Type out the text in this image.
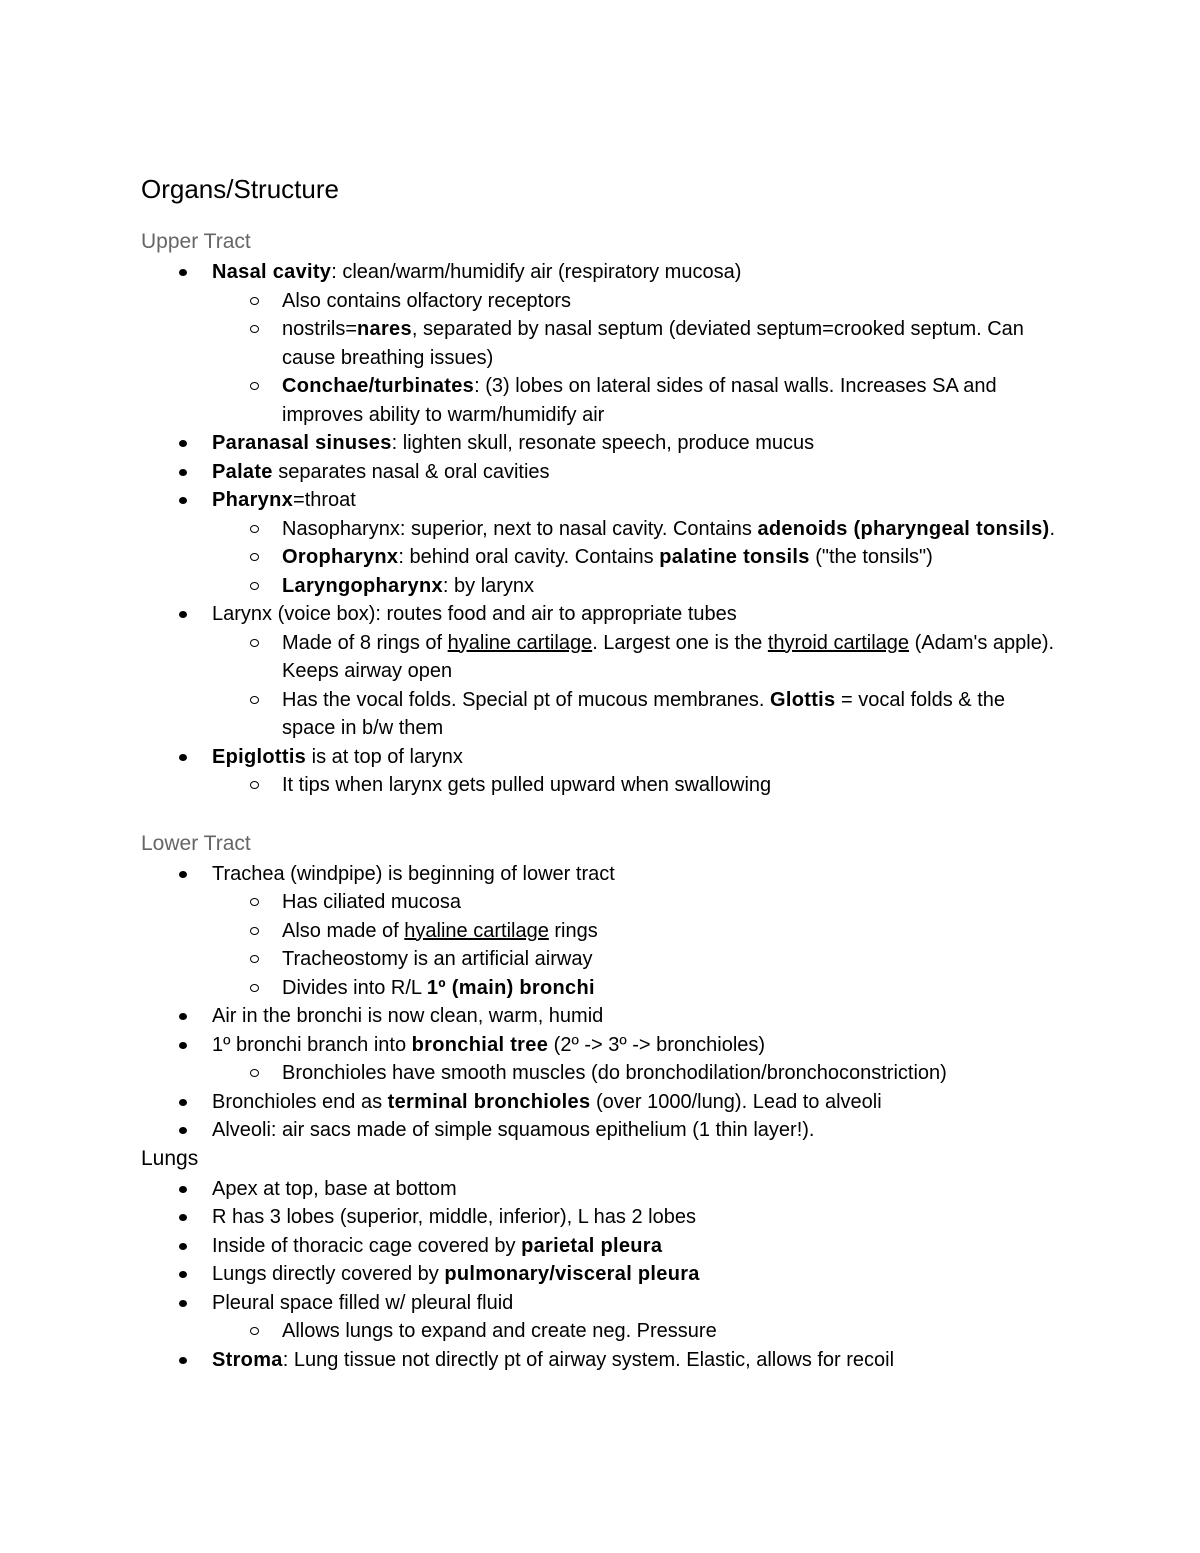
Organs/Structure
Upper Tract
Nasal cavity: clean/warm/humidify air (respiratory mucosa)
Also contains olfactory receptors
nostrils=nares, separated by nasal septum (deviated septum=crooked septum. Can cause breathing issues)
Conchae/turbinates: (3) lobes on lateral sides of nasal walls. Increases SA and improves ability to warm/humidify air
Paranasal sinuses: lighten skull, resonate speech, produce mucus
Palate separates nasal & oral cavities
Pharynx=throat
Nasopharynx: superior, next to nasal cavity. Contains adenoids (pharyngeal tonsils).
Oropharynx: behind oral cavity. Contains palatine tonsils ("the tonsils")
Laryngopharynx: by larynx
Larynx (voice box): routes food and air to appropriate tubes
Made of 8 rings of hyaline cartilage. Largest one is the thyroid cartilage (Adam's apple). Keeps airway open
Has the vocal folds. Special pt of mucous membranes. Glottis = vocal folds & the space in b/w them
Epiglottis is at top of larynx
It tips when larynx gets pulled upward when swallowing
Lower Tract
Trachea (windpipe) is beginning of lower tract
Has ciliated mucosa
Also made of hyaline cartilage rings
Tracheostomy is an artificial airway
Divides into R/L 1º (main) bronchi
Air in the bronchi is now clean, warm, humid
1º bronchi branch into bronchial tree (2º -> 3º -> bronchioles)
Bronchioles have smooth muscles (do bronchodilation/bronchoconstriction)
Bronchioles end as terminal bronchioles (over 1000/lung). Lead to alveoli
Alveoli: air sacs made of simple squamous epithelium (1 thin layer!).
Lungs
Apex at top, base at bottom
R has 3 lobes (superior, middle, inferior), L has 2 lobes
Inside of thoracic cage covered by parietal pleura
Lungs directly covered by pulmonary/visceral pleura
Pleural space filled w/ pleural fluid
Allows lungs to expand and create neg. Pressure
Stroma: Lung tissue not directly pt of airway system. Elastic, allows for recoil
